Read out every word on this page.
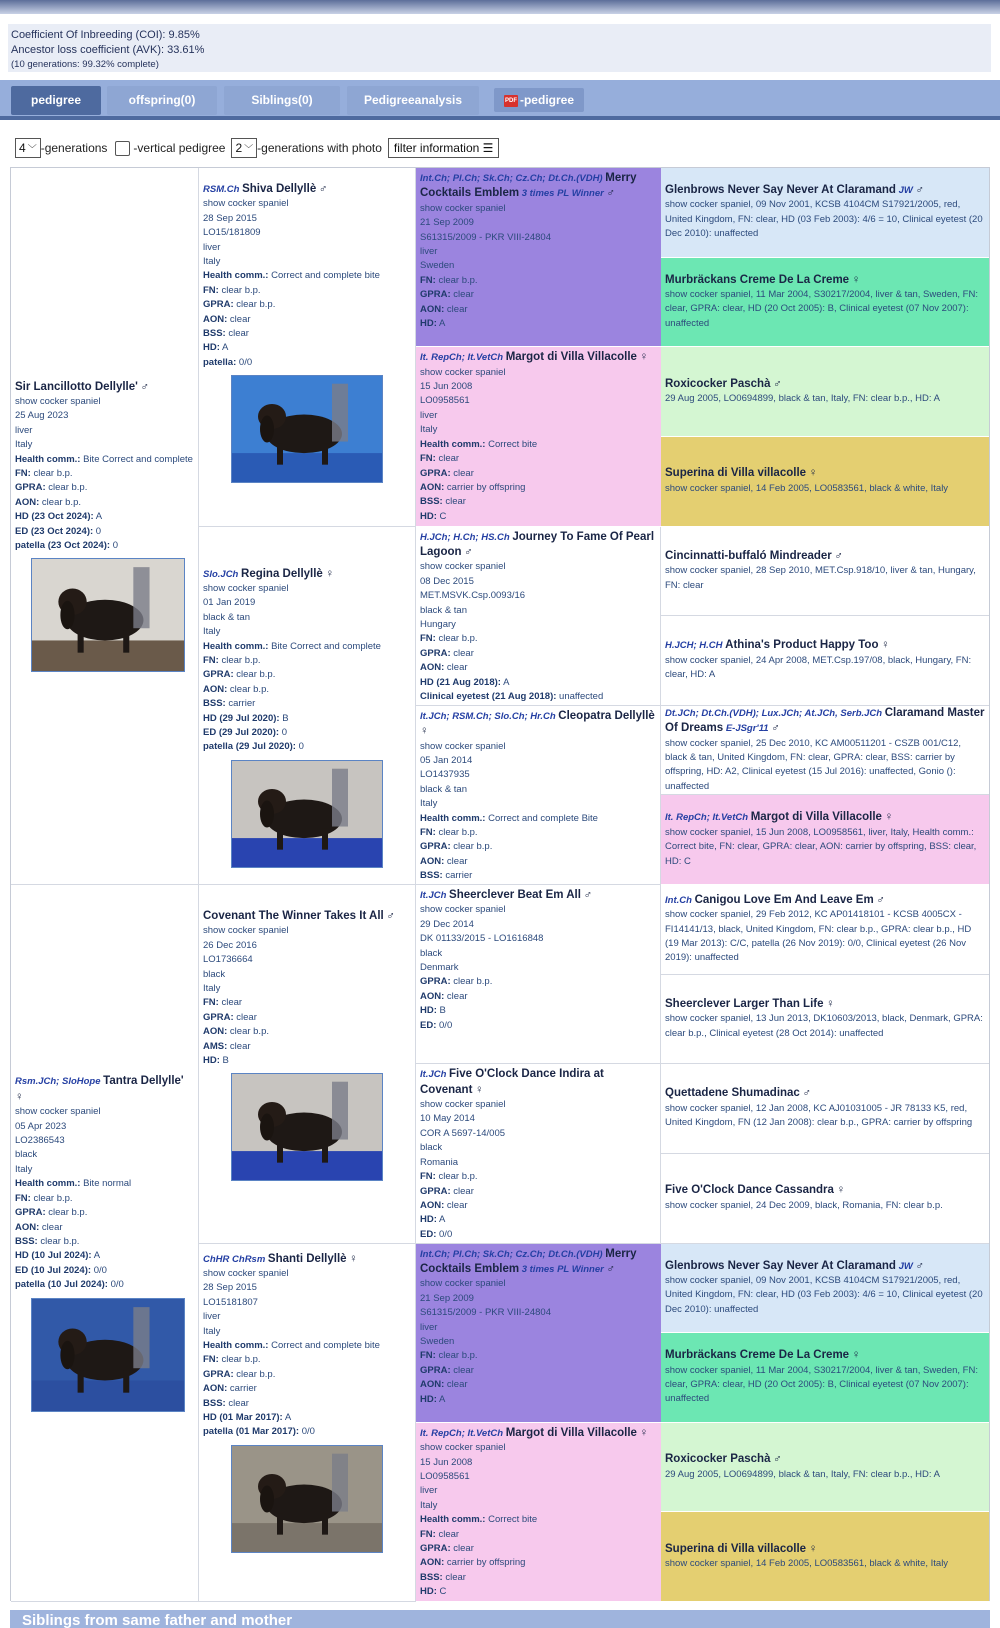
Coefficient Of Inbreeding (COI): 9.85%
Ancestor loss coefficient (AVK): 33.61%
(10 generations: 99.32% complete)
pedigree	offspring(0)	Siblings(0)	Pedigreeanalysis	PDF -pedigree
4 ﹀ -generations -vertical pedigree 2 ﹀ -generations with photo	filter information ☰
Sir Lancillotto Dellylle' ♂
show cocker spaniel
25 Aug 2023
liver
Italy
Health comm.: Bite Correct and complete
FN: clear b.p.
GPRA: clear b.p.
AON: clear b.p.
HD (23 Oct 2024): A
ED (23 Oct 2024): 0
patella (23 Oct 2024): 0
Rsm.JCh; SloHope Tantra Dellylle' ♀
show cocker spaniel
05 Apr 2023
LO2386543
black
Italy
Health comm.: Bite normal
FN: clear b.p.
GPRA: clear b.p.
AON: clear
BSS: clear b.p.
HD (10 Jul 2024): A
ED (10 Jul 2024): 0/0
patella (10 Jul 2024): 0/0
RSM.Ch Shiva Dellyllè ♂
show cocker spaniel
28 Sep 2015
LO15/181809
liver
Italy
Health comm.: Correct and complete bite
FN: clear b.p.
GPRA: clear b.p.
AON: clear
BSS: clear
HD: A
patella: 0/0
Slo.JCh Regina Dellyllè ♀
show cocker spaniel
01 Jan 2019
black & tan
Italy
Health comm.: Bite Correct and complete
FN: clear b.p.
GPRA: clear b.p.
AON: clear b.p.
BSS: carrier
HD (29 Jul 2020): B
ED (29 Jul 2020): 0
patella (29 Jul 2020): 0
Covenant The Winner Takes It All ♂
show cocker spaniel
26 Dec 2016
LO1736664
black
Italy
FN: clear
GPRA: clear
AON: clear b.p.
AMS: clear
HD: B
ChHR ChRsm Shanti Dellyllè ♀
show cocker spaniel
28 Sep 2015
LO15181807
liver
Italy
Health comm.: Correct and complete bite
FN: clear b.p.
GPRA: clear b.p.
AON: carrier
BSS: clear
HD (01 Mar 2017): A
patella (01 Mar 2017): 0/0
Int.Ch; Pl.Ch; Sk.Ch; Cz.Ch; Dt.Ch.(VDH) Merry Cocktails Emblem 3 times PL Winner ♂
show cocker spaniel
21 Sep 2009
S61315/2009 - PKR VIII-24804
liver
Sweden
FN: clear b.p.
GPRA: clear
AON: clear
HD: A
It. RepCh; It.VetCh Margot di Villa Villacolle ♀
show cocker spaniel
15 Jun 2008
LO0958561
liver
Italy
Health comm.: Correct bite
FN: clear
GPRA: clear
AON: carrier by offspring
BSS: clear
HD: C
H.JCh; H.Ch; HS.Ch Journey To Fame Of Pearl Lagoon ♂
show cocker spaniel
08 Dec 2015
MET.MSVK.Csp.0093/16
black & tan
Hungary
FN: clear b.p.
GPRA: clear
AON: clear
HD (21 Aug 2018): A
Clinical eyetest (21 Aug 2018): unaffected
It.JCh; RSM.Ch; Slo.Ch; Hr.Ch Cleopatra Dellyllè ♀
show cocker spaniel
05 Jan 2014
LO1437935
black & tan
Italy
Health comm.: Correct and complete Bite
FN: clear b.p.
GPRA: clear b.p.
AON: clear
BSS: carrier
It.JCh Sheerclever Beat Em All ♂
show cocker spaniel
29 Dec 2014
DK 01133/2015 - LO1616848
black
Denmark
GPRA: clear b.p.
AON: clear
HD: B
ED: 0/0
It.JCh Five O'Clock Dance Indira at Covenant ♀
show cocker spaniel
10 May 2014
COR A 5697-14/005
black
Romania
FN: clear b.p.
GPRA: clear
AON: clear
HD: A
ED: 0/0
Int.Ch; Pl.Ch; Sk.Ch; Cz.Ch; Dt.Ch.(VDH) Merry Cocktails Emblem 3 times PL Winner ♂
show cocker spaniel
21 Sep 2009
S61315/2009 - PKR VIII-24804
liver
Sweden
FN: clear b.p.
GPRA: clear
AON: clear
HD: A
It. RepCh; It.VetCh Margot di Villa Villacolle ♀
show cocker spaniel
15 Jun 2008
LO0958561
liver
Italy
Health comm.: Correct bite
FN: clear
GPRA: clear
AON: carrier by offspring
BSS: clear
HD: C
Glenbrows Never Say Never At Claramand JW ♂
show cocker spaniel, 09 Nov 2001, KCSB 4104CM S17921/2005, red, United Kingdom, FN: clear, HD (03 Feb 2003): 4/6 = 10, Clinical eyetest (20 Dec 2010): unaffected
Murbräckans Creme De La Creme ♀
show cocker spaniel, 11 Mar 2004, S30217/2004, liver & tan, Sweden, FN: clear, GPRA: clear, HD (20 Oct 2005): B, Clinical eyetest (07 Nov 2007): unaffected
Roxicocker Paschà ♂
29 Aug 2005, LO0694899, black & tan, Italy, FN: clear b.p., HD: A
Superina di Villa villacolle ♀
show cocker spaniel, 14 Feb 2005, LO0583561, black & white, Italy
Cincinnatti-buffaló Mindreader ♂
show cocker spaniel, 28 Sep 2010, MET.Csp.918/10, liver & tan, Hungary, FN: clear
H.JCH; H.CH Athina's Product Happy Too ♀
show cocker spaniel, 24 Apr 2008, MET.Csp.197/08, black, Hungary, FN: clear, HD: A
Dt.JCh; Dt.Ch.(VDH); Lux.JCh; At.JCh, Serb.JCh Claramand Master Of Dreams E-JSgr'11 ♂
show cocker spaniel, 25 Dec 2010, KC AM00511201 - CSZB 001/C12, black & tan, United Kingdom, FN: clear, GPRA: clear, BSS: carrier by offspring, HD: A2, Clinical eyetest (15 Jul 2016): unaffected, Gonio (): unaffected
It. RepCh; It.VetCh Margot di Villa Villacolle ♀
show cocker spaniel, 15 Jun 2008, LO0958561, liver, Italy, Health comm.: Correct bite, FN: clear, GPRA: clear, AON: carrier by offspring, BSS: clear, HD: C
Int.Ch Canigou Love Em And Leave Em ♂
show cocker spaniel, 29 Feb 2012, KC AP01418101 - KCSB 4005CX - FI14141/13, black, United Kingdom, FN: clear b.p., GPRA: clear b.p., HD (19 Mar 2013): C/C, patella (26 Nov 2019): 0/0, Clinical eyetest (26 Nov 2019): unaffected
Sheerclever Larger Than Life ♀
show cocker spaniel, 13 Jun 2013, DK10603/2013, black, Denmark, GPRA: clear b.p., Clinical eyetest (28 Oct 2014): unaffected
Quettadene Shumadinac ♂
show cocker spaniel, 12 Jan 2008, KC AJ01031005 - JR 78133 K5, red, United Kingdom, FN (12 Jan 2008): clear b.p., GPRA: carrier by offspring
Five O'Clock Dance Cassandra ♀
show cocker spaniel, 24 Dec 2009, black, Romania, FN: clear b.p.
Glenbrows Never Say Never At Claramand JW ♂
show cocker spaniel, 09 Nov 2001, KCSB 4104CM S17921/2005, red, United Kingdom, FN: clear, HD (03 Feb 2003): 4/6 = 10, Clinical eyetest (20 Dec 2010): unaffected
Murbräckans Creme De La Creme ♀
show cocker spaniel, 11 Mar 2004, S30217/2004, liver & tan, Sweden, FN: clear, GPRA: clear, HD (20 Oct 2005): B, Clinical eyetest (07 Nov 2007): unaffected
Roxicocker Paschà ♂
29 Aug 2005, LO0694899, black & tan, Italy, FN: clear b.p., HD: A
Superina di Villa villacolle ♀
show cocker spaniel, 14 Feb 2005, LO0583561, black & white, Italy
Siblings from same father and mother
